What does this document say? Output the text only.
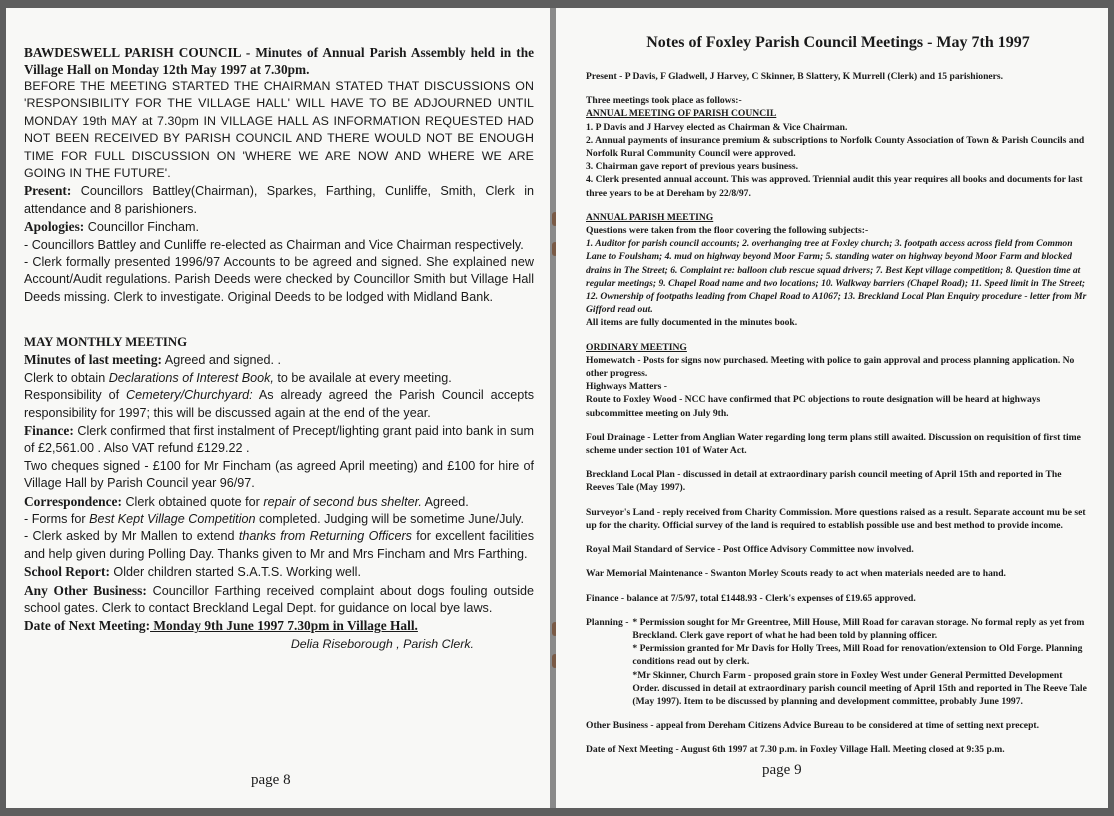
BAWDESWELL PARISH COUNCIL - Minutes of Annual Parish Assembly held in the Village Hall on Monday 12th May 1997 at 7.30pm.

BEFORE THE MEETING STARTED THE CHAIRMAN STATED THAT DISCUSSIONS ON 'RESPONSIBILITY FOR THE VILLAGE HALL' WILL HAVE TO BE ADJOURNED UNTIL MONDAY 19th MAY at 7.30pm IN VILLAGE HALL AS INFORMATION REQUESTED HAD NOT BEEN RECEIVED BY PARISH COUNCIL AND THERE WOULD NOT BE ENOUGH TIME FOR FULL DISCUSSION ON 'WHERE WE ARE NOW AND WHERE WE ARE GOING IN THE FUTURE'.

Present: Councillors Battley(Chairman), Sparkes, Farthing, Cunliffe, Smith, Clerk in attendance and 8 parishioners.

Apologies: Councillor Fincham.

- Councillors Battley and Cunliffe re-elected as Chairman and Vice Chairman respectively.

- Clerk formally presented 1996/97 Accounts to be agreed and signed. She explained new Account/Audit regulations. Parish Deeds were checked by Councillor Smith but Village Hall Deeds missing. Clerk to investigate. Original Deeds to be lodged with Midland Bank.

MAY MONTHLY MEETING

Minutes of last meeting: Agreed and signed. .

Clerk to obtain Declarations of Interest Book, to be availale at every meeting.

Responsibility of Cemetery/Churchyard: As already agreed the Parish Council accepts responsibility for 1997; this will be discussed again at the end of the year.

Finance: Clerk confirmed that first instalment of Precept/lighting grant paid into bank in sum of £2,561.00 . Also VAT refund £129.22 .

Two cheques signed - £100 for Mr Fincham (as agreed April meeting) and £100 for hire of Village Hall by Parish Council year 96/97.

Correspondence: Clerk obtained quote for repair of second bus shelter. Agreed.

- Forms for Best Kept Village Competition completed. Judging will be sometime June/July.

- Clerk asked by Mr Mallen to extend thanks from Returning Officers for excellent facilities and help given during Polling Day. Thanks given to Mr and Mrs Fincham and Mrs Farthing.

School Report: Older children started S.A.T.S. Working well.

Any Other Business: Councillor Farthing received complaint about dogs fouling outside school gates. Clerk to contact Breckland Legal Dept. for guidance on local bye laws.

Date of Next Meeting: Monday 9th June 1997 7.30pm in Village Hall.

Delia Riseborough , Parish Clerk.

page 8

Notes of Foxley Parish Council Meetings - May 7th 1997

Present - P Davis, F Gladwell, J Harvey, C Skinner, B Slattery, K Murrell (Clerk) and 15 parishioners.

Three meetings took place as follows:-

ANNUAL MEETING OF PARISH COUNCIL

1. P Davis and J Harvey elected as Chairman & Vice Chairman.

2. Annual payments of insurance premium & subscriptions to Norfolk County Association of Town & Parish Councils and Norfolk Rural Community Council were approved.

3. Chairman gave report of previous years business.

4. Clerk presented annual account. This was approved. Triennial audit this year requires all books and documents for last three years to be at Dereham by 22/8/97.

ANNUAL PARISH MEETING

Questions were taken from the floor covering the following subjects:-

1. Auditor for parish council accounts; 2. overhanging tree at Foxley church; 3. footpath access across field from Common Lane to Foulsham; 4. mud on highway beyond Moor Farm; 5. standing water on highway beyond Moor Farm and blocked drains in The Street; 6. Complaint re: balloon club rescue squad drivers; 7. Best Kept village competition; 8. Question time at regular meetings; 9. Chapel Road name and two locations; 10. Walkway barriers (Chapel Road); 11. Speed limit in The Street; 12. Ownership of footpaths leading from Chapel Road to A1067; 13. Breckland Local Plan Enquiry procedure - letter from Mr Gifford read out.

All items are fully documented in the minutes book.

ORDINARY MEETING

Homewatch - Posts for signs now purchased. Meeting with police to gain approval and process planning application. No other progress.

Highways Matters -

Route to Foxley Wood - NCC have confirmed that PC objections to route designation will be heard at highways subcommittee meeting on July 9th.

Foul Drainage - Letter from Anglian Water regarding long term plans still awaited. Discussion on requisition of first time scheme under section 101 of Water Act.

Breckland Local Plan - discussed in detail at extraordinary parish council meeting of April 15th and reported in The Reeves Tale (May 1997).

Surveyor's Land - reply received from Charity Commission. More questions raised as a result. Separate account mu be set up for the charity. Official survey of the land is required to establish possible use and best method to provide income.

Royal Mail Standard of Service - Post Office Advisory Committee now involved.

War Memorial Maintenance - Swanton Morley Scouts ready to act when materials needed are to hand.

Finance - balance at 7/5/97, total £1448.93 - Clerk's expenses of £19.65 approved.

Planning - * Permission sought for Mr Greentree, Mill House, Mill Road for caravan storage. No formal reply as yet from Breckland. Clerk gave report of what he had been told by planning officer.

* Permission granted for Mr Davis for Holly Trees, Mill Road for renovation/extension to Old Forge. Planning conditions read out by clerk.

*Mr Skinner, Church Farm - proposed grain store in Foxley West under General Permitted Development Order. discussed in detail at extraordinary parish council meeting of April 15th and reported in The Reeve Tale (May 1997). Item to be discussed by planning and development committee, probably June 1997.

Other Business - appeal from Dereham Citizens Advice Bureau to be considered at time of setting next precept.

Date of Next Meeting - August 6th 1997 at 7.30 p.m. in Foxley Village Hall. Meeting closed at 9:35 p.m.

page 9
